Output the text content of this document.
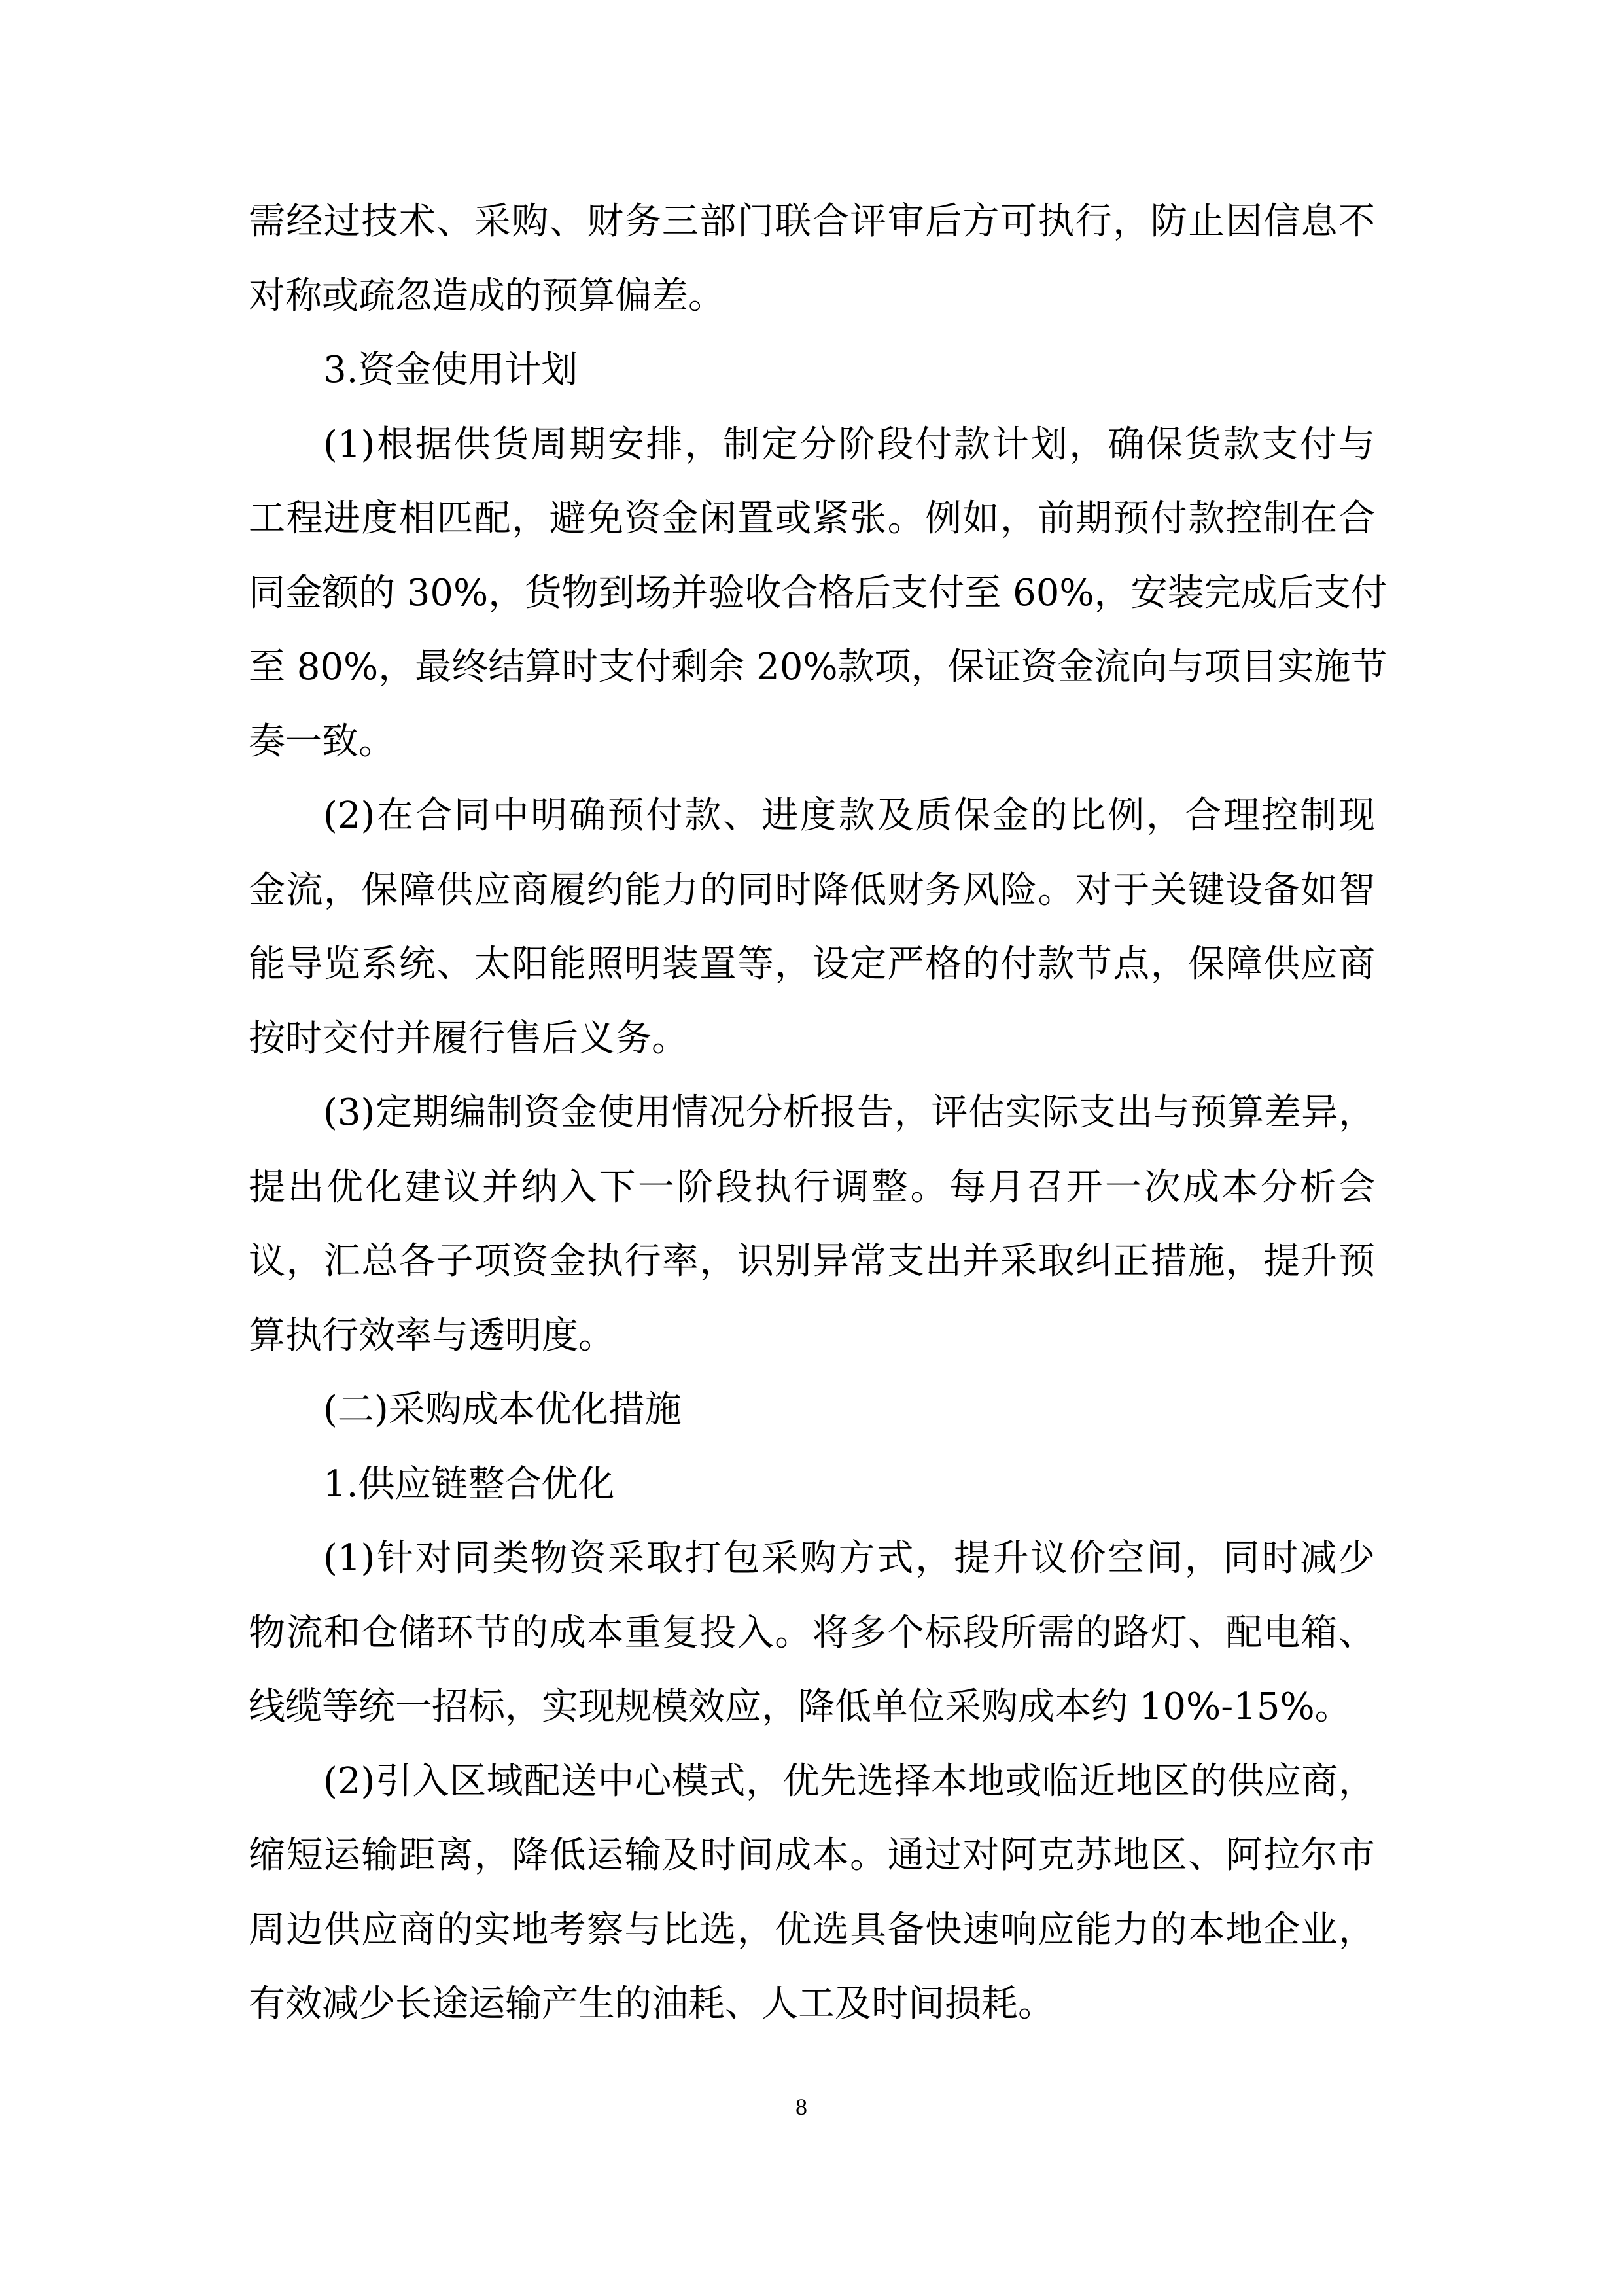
需经过技术、采购、财务三部门联合评审后方可执行，防止因信息不
对称或疏忽造成的预算偏差。
3.资金使用计划
(1)根据供货周期安排，制定分阶段付款计划，确保货款支付与
工程进度相匹配，避免资金闲置或紧张。例如，前期预付款控制在合
同金额的 30%，货物到场并验收合格后支付至 60%，安装完成后支付
至 80%，最终结算时支付剩余 20%款项，保证资金流向与项目实施节
奏一致。
(2)在合同中明确预付款、进度款及质保金的比例，合理控制现
金流，保障供应商履约能力的同时降低财务风险。对于关键设备如智
能导览系统、太阳能照明装置等，设定严格的付款节点，保障供应商
按时交付并履行售后义务。
(3)定期编制资金使用情况分析报告，评估实际支出与预算差异，
提出优化建议并纳入下一阶段执行调整。每月召开一次成本分析会
议，汇总各子项资金执行率，识别异常支出并采取纠正措施，提升预
算执行效率与透明度。
(二)采购成本优化措施
1.供应链整合优化
(1)针对同类物资采取打包采购方式，提升议价空间，同时减少
物流和仓储环节的成本重复投入。将多个标段所需的路灯、配电箱、
线缆等统一招标，实现规模效应，降低单位采购成本约 10%-15%。
(2)引入区域配送中心模式，优先选择本地或临近地区的供应商，
缩短运输距离，降低运输及时间成本。通过对阿克苏地区、阿拉尔市
周边供应商的实地考察与比选，优选具备快速响应能力的本地企业，
有效减少长途运输产生的油耗、人工及时间损耗。
8
